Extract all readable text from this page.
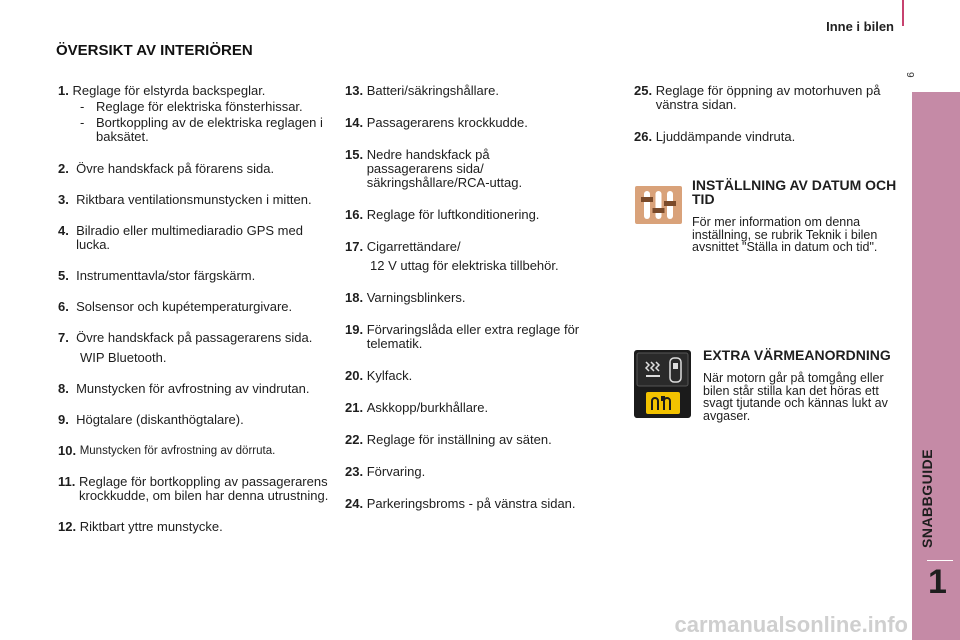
Inne i bilen
9
SNABBGUIDE
1
ÖVERSIKT AV INTERIÖREN
1.
Reglage för elstyrda backspeglar.
- Reglage för elektriska fönsterhissar.
- Bortkoppling av de elektriska reglagen i baksätet.
2.
Övre handskfack på förarens sida.
3.
Riktbara ventilationsmunstycken i mitten.
4.
Bilradio eller multimediaradio GPS med lucka.
5.
Instrumenttavla/stor färgskärm.
6.
Solsensor och kupétemperaturgivare.
7.
Övre handskfack på passagerarens sida.
WIP Bluetooth.
8.
Munstycken för avfrostning av vindrutan.
9.
Högtalare (diskanthögtalare).
10.
Munstycken för avfrostning av dörruta.
11.
Reglage för bortkoppling av passagerarens krockkudde, om bilen har denna utrustning.
12.
Riktbart yttre munstycke.
13.
Batteri/säkringshållare.
14.
Passagerarens krockkudde.
15.
Nedre handskfack på passagerarens sida/ säkringshållare/RCA-uttag.
16.
Reglage för luftkonditionering.
17.
Cigarrettändare/
12 V uttag för elektriska tillbehör.
18.
Varningsblinkers.
19.
Förvaringslåda eller extra reglage för telematik.
20.
Kylfack.
21.
Askkopp/burkhållare.
22.
Reglage för inställning av säten.
23.
Förvaring.
24.
Parkeringsbroms - på vänstra sidan.
25.
Reglage för öppning av motorhuven på vänstra sidan.
26.
Ljuddämpande vindruta.
INSTÄLLNING AV DATUM OCH TID
För mer information om denna inställning, se rubrik Teknik i bilen avsnittet "Ställa in datum och tid".
EXTRA VÄRMEANORDNING
När motorn går på tomgång eller bilen står stilla kan det höras ett svagt tjutande och kännas lukt av avgaser.
carmanualsonline.info
